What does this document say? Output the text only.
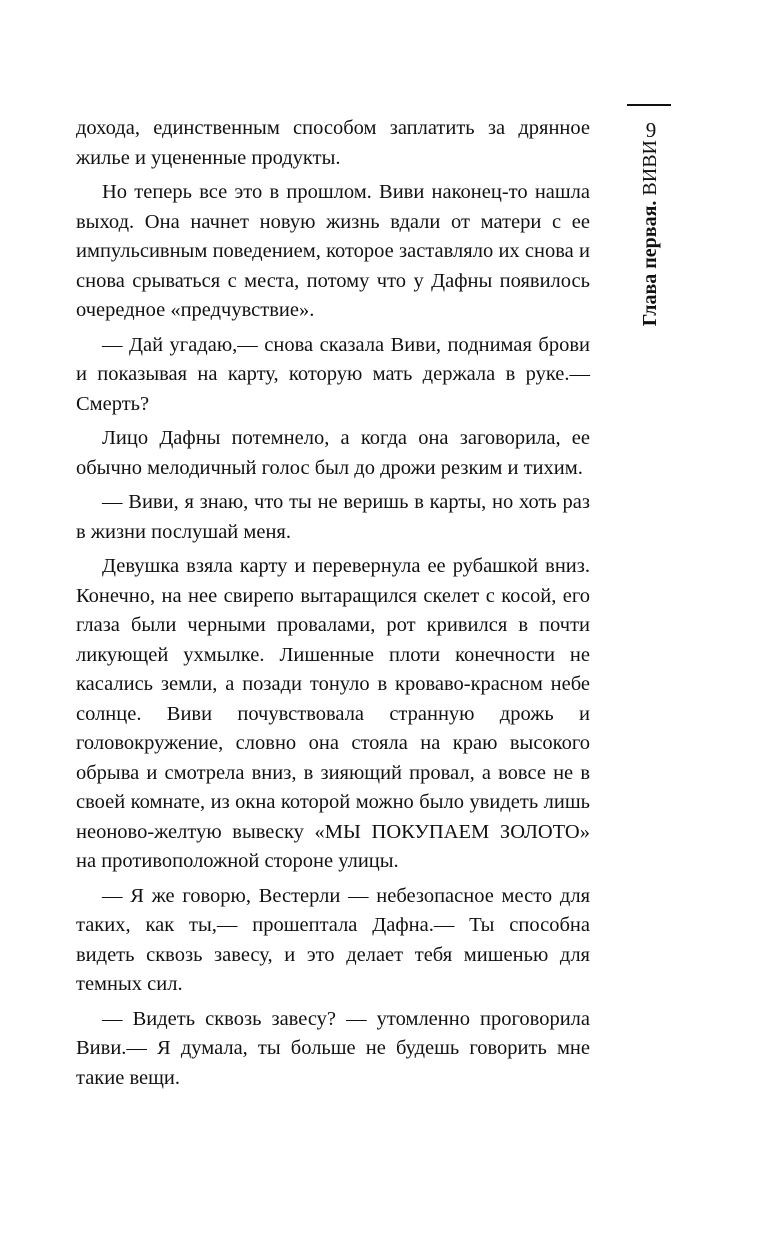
9
Глава первая. ВИВИ

дохода, единственным способом заплатить за дрянное жилье и уцененные продукты.

Но теперь все это в прошлом. Виви наконец-то нашла выход. Она начнет новую жизнь вдали от матери с ее импульсивным поведением, которое заставляло их снова и снова срываться с места, потому что у Дафны появилось очередное «предчувствие».

— Дай угадаю,— снова сказала Виви, поднимая брови и показывая на карту, которую мать держала в руке.— Смерть?

Лицо Дафны потемнело, а когда она заговорила, ее обычно мелодичный голос был до дрожи резким и тихим.

— Виви, я знаю, что ты не веришь в карты, но хоть раз в жизни послушай меня.

Девушка взяла карту и перевернула ее рубашкой вниз. Конечно, на нее свирепо вытаращился скелет с косой, его глаза были черными провалами, рот кривился в почти ликующей ухмылке. Лишенные плоти конечности не касались земли, а позади тонуло в кроваво-красном небе солнце. Виви почувствовала странную дрожь и головокружение, словно она стояла на краю высокого обрыва и смотрела вниз, в зияющий провал, а вовсе не в своей комнате, из окна которой можно было увидеть лишь неоново-желтую вывеску «МЫ ПОКУПАЕМ ЗОЛОТО» на противоположной стороне улицы.

— Я же говорю, Вестерли — небезопасное место для таких, как ты,— прошептала Дафна.— Ты способна видеть сквозь завесу, и это делает тебя мишенью для темных сил.

— Видеть сквозь завесу? — утомленно проговорила Виви.— Я думала, ты больше не будешь говорить мне такие вещи.
